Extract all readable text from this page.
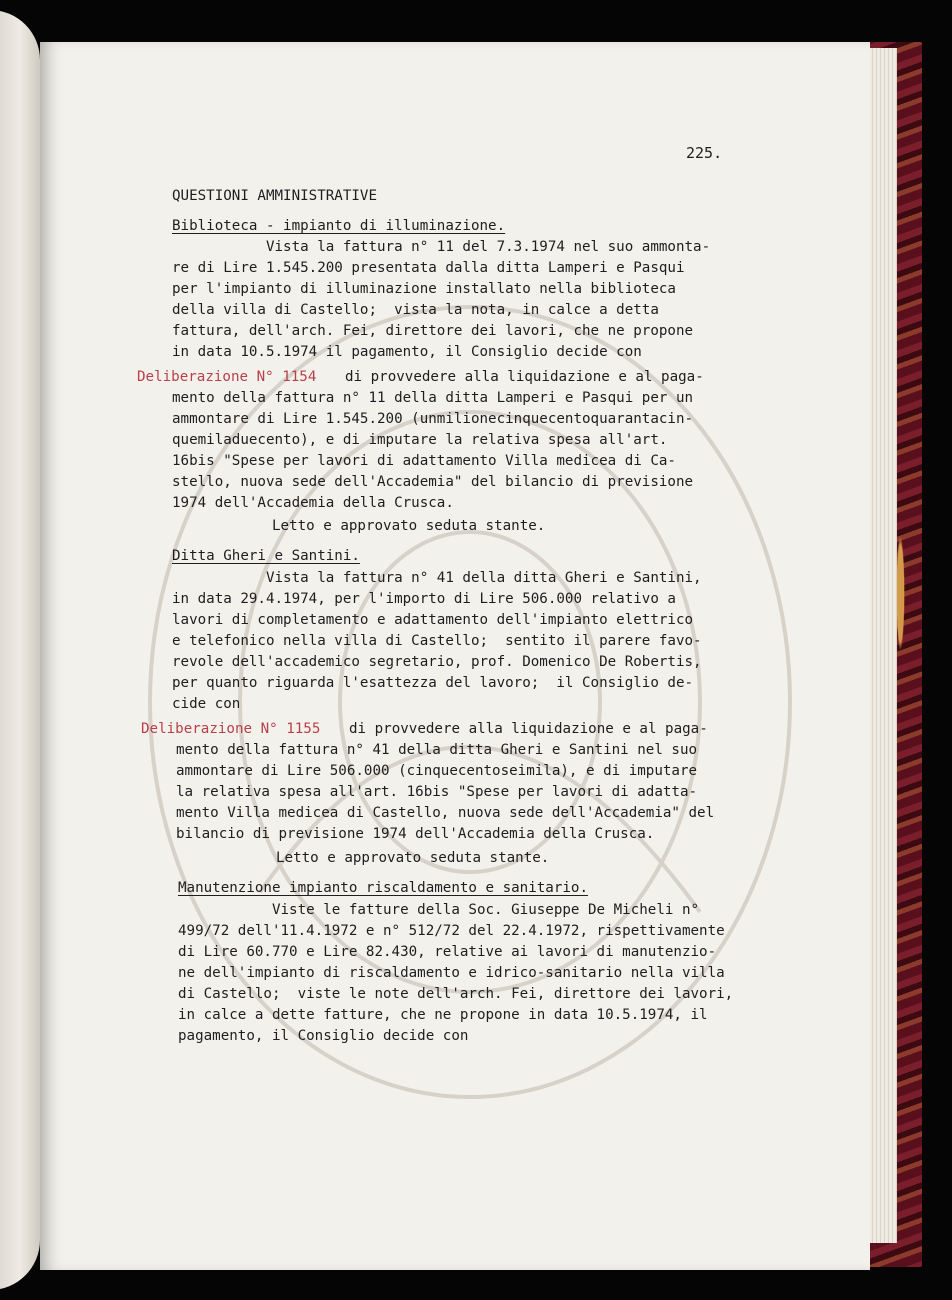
225.

QUESTIONI AMMINISTRATIVE

Biblioteca - impianto di illuminazione.

Vista la fattura n° 11 del 7.3.1974 nel suo ammonta-

re di Lire 1.545.200 presentata dalla ditta Lamperi e Pasqui

per l'impianto di illuminazione installato nella biblioteca

della villa di Castello;  vista la nota, in calce a detta

fattura, dell'arch. Fei, direttore dei lavori, che ne propone

in data 10.5.1974 il pagamento, il Consiglio decide con

Deliberazione N° 1154 di provvedere alla liquidazione e al paga-

mento della fattura n° 11 della ditta Lamperi e Pasqui per un

ammontare di Lire 1.545.200 (unmilionecinquecentoquarantacin-

quemiladuecento), e di imputare la relativa spesa all'art.

16bis "Spese per lavori di adattamento Villa medicea di Ca-

stello, nuova sede dell'Accademia" del bilancio di previsione

1974 dell'Accademia della Crusca.

Letto e approvato seduta stante.

Ditta Gheri e Santini.

Vista la fattura n° 41 della ditta Gheri e Santini,

in data 29.4.1974, per l'importo di Lire 506.000 relativo a

lavori di completamento e adattamento dell'impianto elettrico

e telefonico nella villa di Castello;  sentito il parere favo-

revole dell'accademico segretario, prof. Domenico De Robertis,

per quanto riguarda l'esattezza del lavoro;  il Consiglio de-

cide con

Deliberazione N° 1155 di provvedere alla liquidazione e al paga-

mento della fattura n° 41 della ditta Gheri e Santini nel suo

ammontare di Lire 506.000 (cinquecentoseimila), e di imputare

la relativa spesa all'art. 16bis "Spese per lavori di adatta-

mento Villa medicea di Castello, nuova sede dell'Accademia" del

bilancio di previsione 1974 dell'Accademia della Crusca.

Letto e approvato seduta stante.

Manutenzione impianto riscaldamento e sanitario.

Viste le fatture della Soc. Giuseppe De Micheli n°

499/72 dell'11.4.1972 e n° 512/72 del 22.4.1972, rispettivamente

di Lire 60.770 e Lire 82.430, relative ai lavori di manutenzio-

ne dell'impianto di riscaldamento e idrico-sanitario nella villa

di Castello;  viste le note dell'arch. Fei, direttore dei lavori,

in calce a dette fatture, che ne propone in data 10.5.1974, il

pagamento, il Consiglio decide con
